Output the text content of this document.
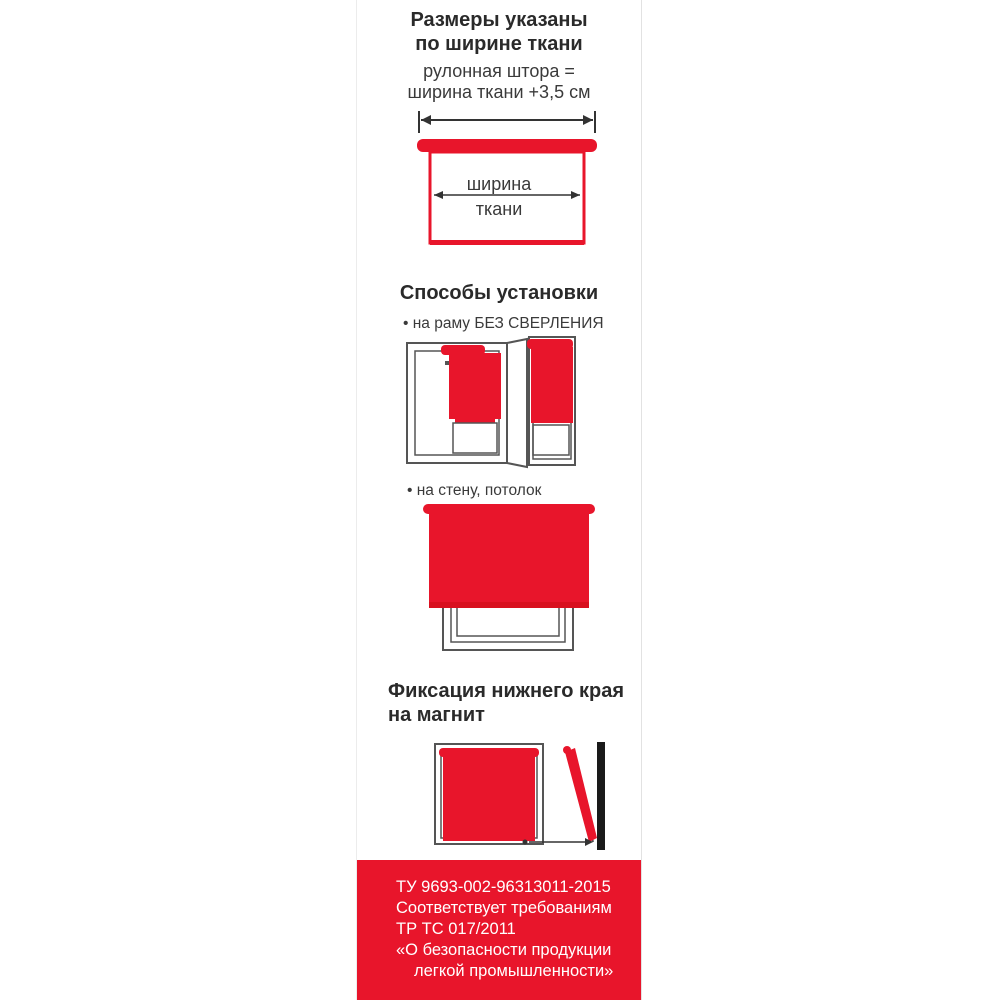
Размеры указаны
по ширине ткани
рулонная штора =
ширина ткани +3,5 см
ширина
ткани
Способы установки
• на раму БЕЗ СВЕРЛЕНИЯ
• на стену, потолок
Фиксация нижнего края
на магнит
ТУ 9693-002-96313011-2015
Соответствует требованиям
ТР ТС 017/2011
«О безопасности продукции
легкой промышленности»
